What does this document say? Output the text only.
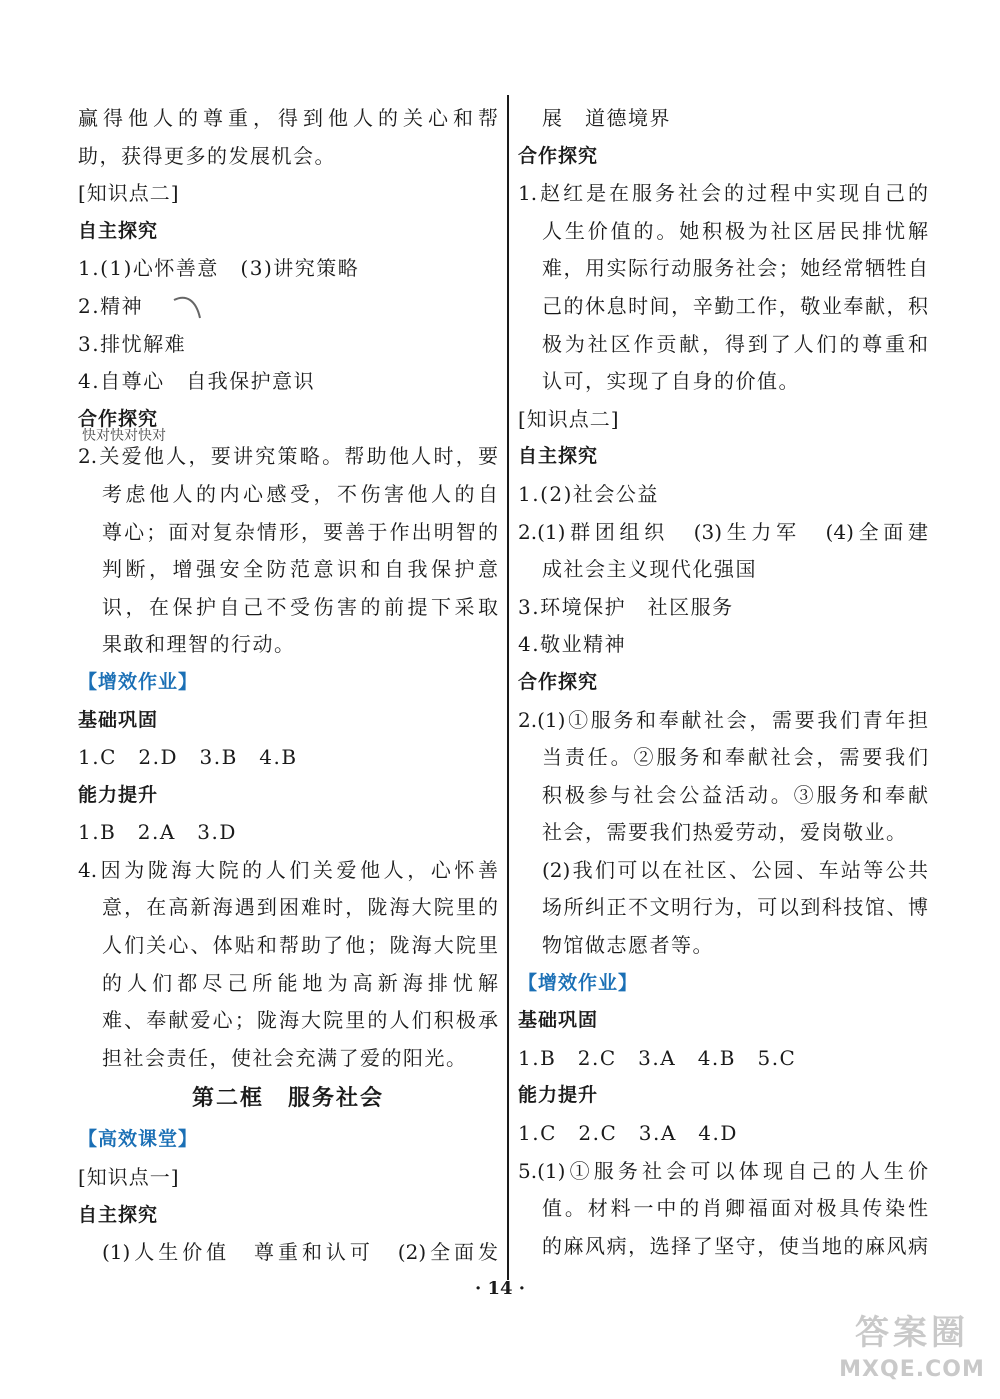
赢得他人的尊重，得到他人的关心和帮
助，获得更多的发展机会。
[知识点二]
自主探究
1.(1)心怀善意　(3)讲究策略
2.精神
3.排忧解难
4.自尊心　自我保护意识
合作探究
2.关爱他人，要讲究策略。帮助他人时，要
考虑他人的内心感受，不伤害他人的自
尊心；面对复杂情形，要善于作出明智的
判断，增强安全防范意识和自我保护意
识，在保护自己不受伤害的前提下采取
果敢和理智的行动。
【增效作业】
基础巩固
1.C　2.D　3.B　4.B
能力提升
1.B　2.A　3.D
4.因为陇海大院的人们关爱他人，心怀善
意，在高新海遇到困难时，陇海大院里的
人们关心、体贴和帮助了他；陇海大院里
的人们都尽己所能地为高新海排忧解
难、奉献爱心；陇海大院里的人们积极承
担社会责任，使社会充满了爱的阳光。
第二框　服务社会
【高效课堂】
[知识点一]
自主探究
(1)人生价值　尊重和认可　(2)全面发
展　道德境界
合作探究
1.赵红是在服务社会的过程中实现自己的
人生价值的。她积极为社区居民排忧解
难，用实际行动服务社会；她经常牺牲自
己的休息时间，辛勤工作，敬业奉献，积
极为社区作贡献，得到了人们的尊重和
认可，实现了自身的价值。
[知识点二]
自主探究
1.(2)社会公益
2.(1)群团组织　(3)生力军　(4)全面建
成社会主义现代化强国
3.环境保护　社区服务
4.敬业精神
合作探究
2.(1)①服务和奉献社会，需要我们青年担
当责任。②服务和奉献社会，需要我们
积极参与社会公益活动。③服务和奉献
社会，需要我们热爱劳动，爱岗敬业。
(2)我们可以在社区、公园、车站等公共
场所纠正不文明行为，可以到科技馆、博
物馆做志愿者等。
【增效作业】
基础巩固
1.B　2.C　3.A　4.B　5.C
能力提升
1.C　2.C　3.A　4.D
5.(1)①服务社会可以体现自己的人生价
值。材料一中的肖卿福面对极具传染性
的麻风病，选择了坚守，使当地的麻风病
快对快对快对
· 14 ·
答案圈
MXQE.COM
